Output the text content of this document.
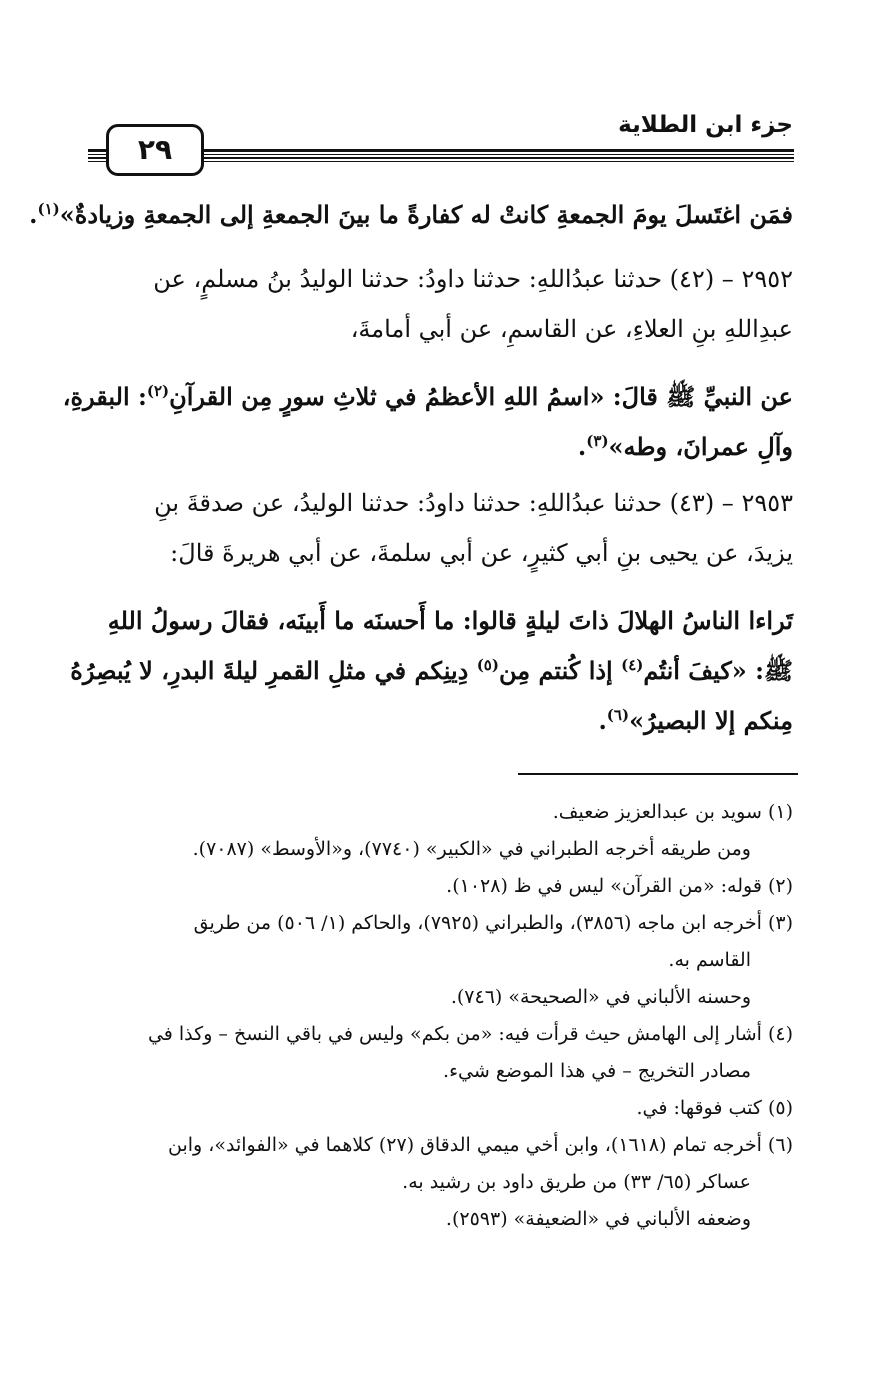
جزء ابن الطلاية
٢٩
فمَن اغتَسلَ يومَ الجمعةِ كانتْ له كفارةً ما بينَ الجمعةِ إلى الجمعةِ وزيادةٌ»$^{(١)}$.
٢٩٥٢ – (٤٢) حدثنا عبدُاللهِ: حدثنا داودُ: حدثنا الوليدُ بنُ مسلمٍ، عن
عبدِاللهِ بنِ العلاءِ، عن القاسمِ، عن أبي أمامةَ،
عن النبيِّ ﷺ قالَ: «اسمُ اللهِ الأعظمُ في ثلاثِ سورٍ مِن القرآنِ$^{(٢)}$: البقرةِ،
وآلِ عمرانَ، وطه»$^{(٣)}$.
٢٩٥٣ – (٤٣) حدثنا عبدُاللهِ: حدثنا داودُ: حدثنا الوليدُ، عن صدقةَ بنِ
يزيدَ، عن يحيى بنِ أبي كثيرٍ، عن أبي سلمةَ، عن أبي هريرةَ قالَ:
تَراءا الناسُ الهلالَ ذاتَ ليلةٍ قالوا: ما أَحسنَه ما أَبينَه، فقالَ رسولُ اللهِ
ﷺ: «كيفَ أنتُم$^{(٤)}$ إذا كُنتم مِن$^{(٥)}$ دِينِكم في مثلِ القمرِ ليلةَ البدرِ، لا يُبصِرُهُ
مِنكم إلا البصيرُ»$^{(٦)}$.
(١) سويد بن عبدالعزيز ضعيف.
ومن طريقه أخرجه الطبراني في «الكبير» (٧٧٤٠)، و«الأوسط» (٧٠٨٧).
(٢) قوله: «من القرآن» ليس في ظ (١٠٢٨).
(٣) أخرجه ابن ماجه (٣٨٥٦)، والطبراني (٧٩٢٥)، والحاكم (١/ ٥٠٦) من طريق
القاسم به.
وحسنه الألباني في «الصحيحة» (٧٤٦).
(٤) أشار إلى الهامش حيث قرأت فيه: «من بكم» وليس في باقي النسخ – وكذا في
مصادر التخريج – في هذا الموضع شيء.
(٥) كتب فوقها: في.
(٦) أخرجه تمام (١٦١٨)، وابن أخي ميمي الدقاق (٢٧) كلاهما في «الفوائد»، وابن
عساكر (٦٥/ ٣٣) من طريق داود بن رشيد به.
وضعفه الألباني في «الضعيفة» (٢٥٩٣).
